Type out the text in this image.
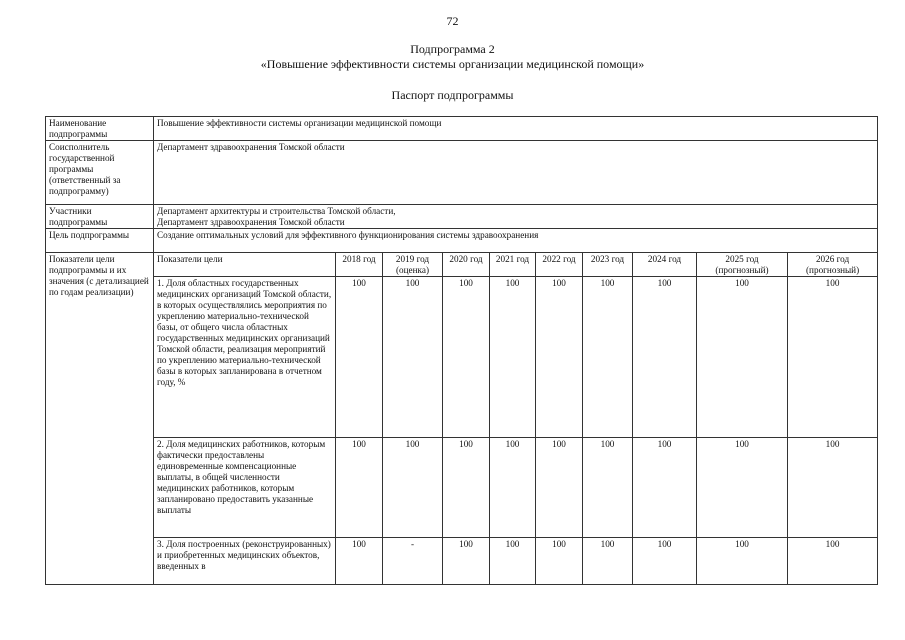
72
Подпрограмма 2
«Повышение эффективности системы организации медицинской помощи»
Паспорт подпрограммы
Наименование подпрограммы	Повышение эффективности системы организации медицинской помощи									
Соисполнитель государственной программы (ответственный за подпрограмму)	Департамент здравоохранения Томской области									
Участники подпрограммы	Департамент архитектуры и строительства Томской области,
Департамент здравоохранения Томской области									

Цель подпрограммы	Создание оптимальных условий для эффективного функционирования системы здравоохранения									
Показатели цели подпрограммы и их значения (с детализацией по годам реализации)	Показатели цели	2018 год	2019 год (оценка)	2020 год	2021 год	2022 год	2023 год	2024 год	2025 год (прогнозный)	2026 год (прогнозный)
	1. Доля областных государственных медицинских организаций Томской области, в которых осуществлялись мероприятия по укреплению материально-технической базы, от общего числа областных государственных медицинских организаций Томской области, реализация мероприятий по укреплению материально-технической базы в которых запланирована в отчетном году, %	100	100	100	100	100	100	100	100	100
	2. Доля медицинских работников, которым фактически предоставлены единовременные компенсационные выплаты, в общей численности медицинских работников, которым запланировано предоставить указанные выплаты	100	100	100	100	100	100	100	100	100
	3. Доля построенных (реконструированных) и приобретенных медицинских объектов, введенных в	100	-	100	100	100	100	100	100	100
